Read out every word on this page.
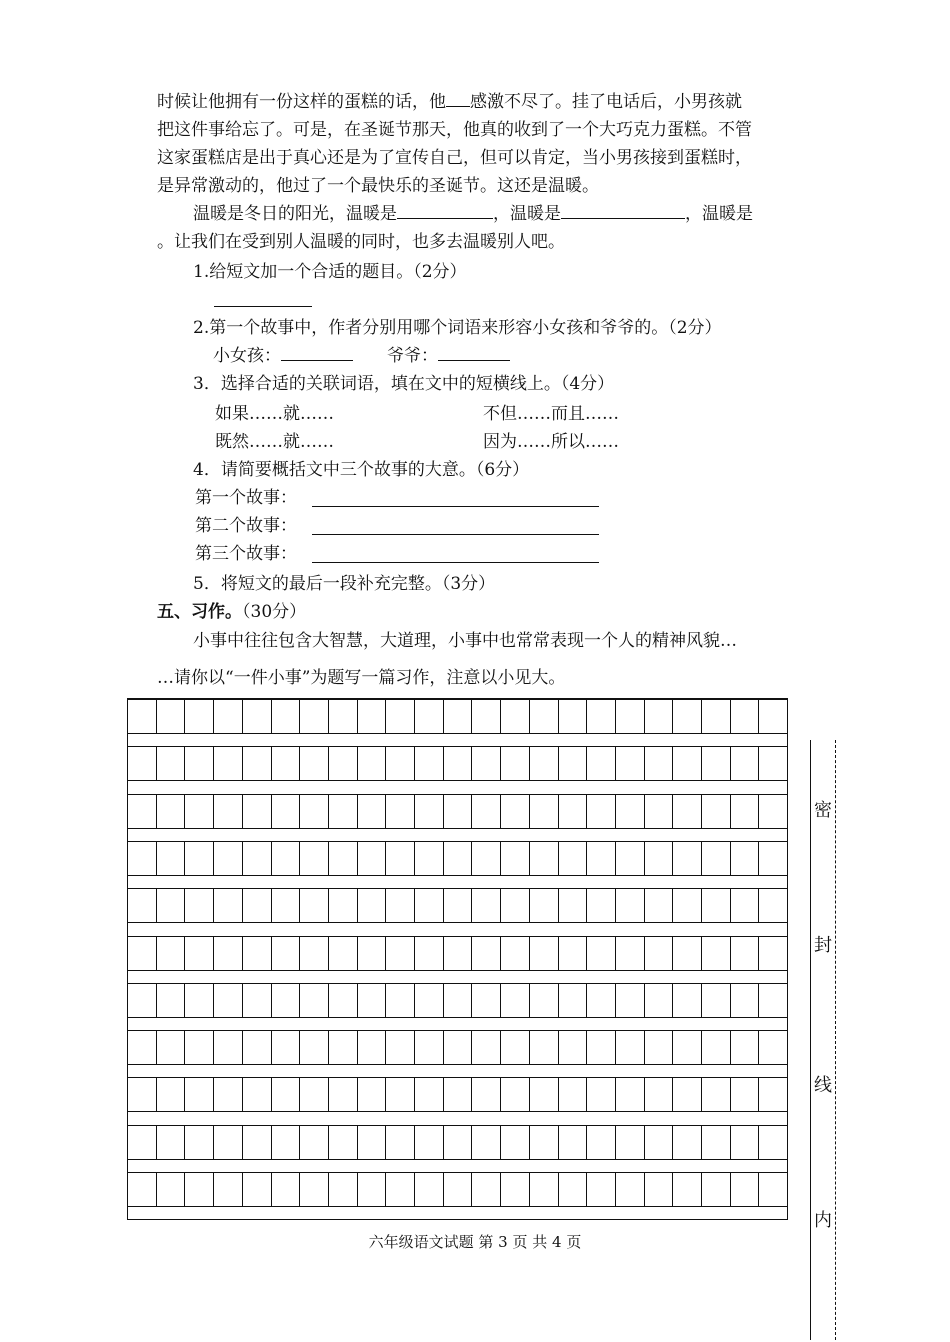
时候让他拥有一份这样的蛋糕的话，他 感激不尽了。挂了电话后，小男孩就
把这件事给忘了。可是，在圣诞节那天，他真的收到了一个大巧克力蛋糕。不管
这家蛋糕店是出于真心还是为了宣传自己，但可以肯定，当小男孩接到蛋糕时，
是异常激动的，他过了一个最快乐的圣诞节。这还是温暖。
温暖是冬日的阳光，温暖是	，温暖是	，温暖是
。让我们在受到别人温暖的同时，也多去温暖别人吧。
1.给短文加一个合适的题目。（2分）
2.第一个故事中，作者分别用哪个词语来形容小女孩和爷爷的。（2分）
小女孩：	爷爷：
3．选择合适的关联词语，填在文中的短横线上。（4分）
如果……就……	不但……而且……
既然……就……	因为……所以……
4．请简要概括文中三个故事的大意。（6分）
第一个故事：
第二个故事：
第三个故事：
5．将短文的最后一段补充完整。（3分）
五、习作。（30分）
小事中往往包含大智慧，大道理，小事中也常常表现一个人的精神风貌…
…请你以“一件小事”为题写一篇习作，注意以小见大。
六年级语文试题 第 3 页 共 4 页
密
封
线
内
